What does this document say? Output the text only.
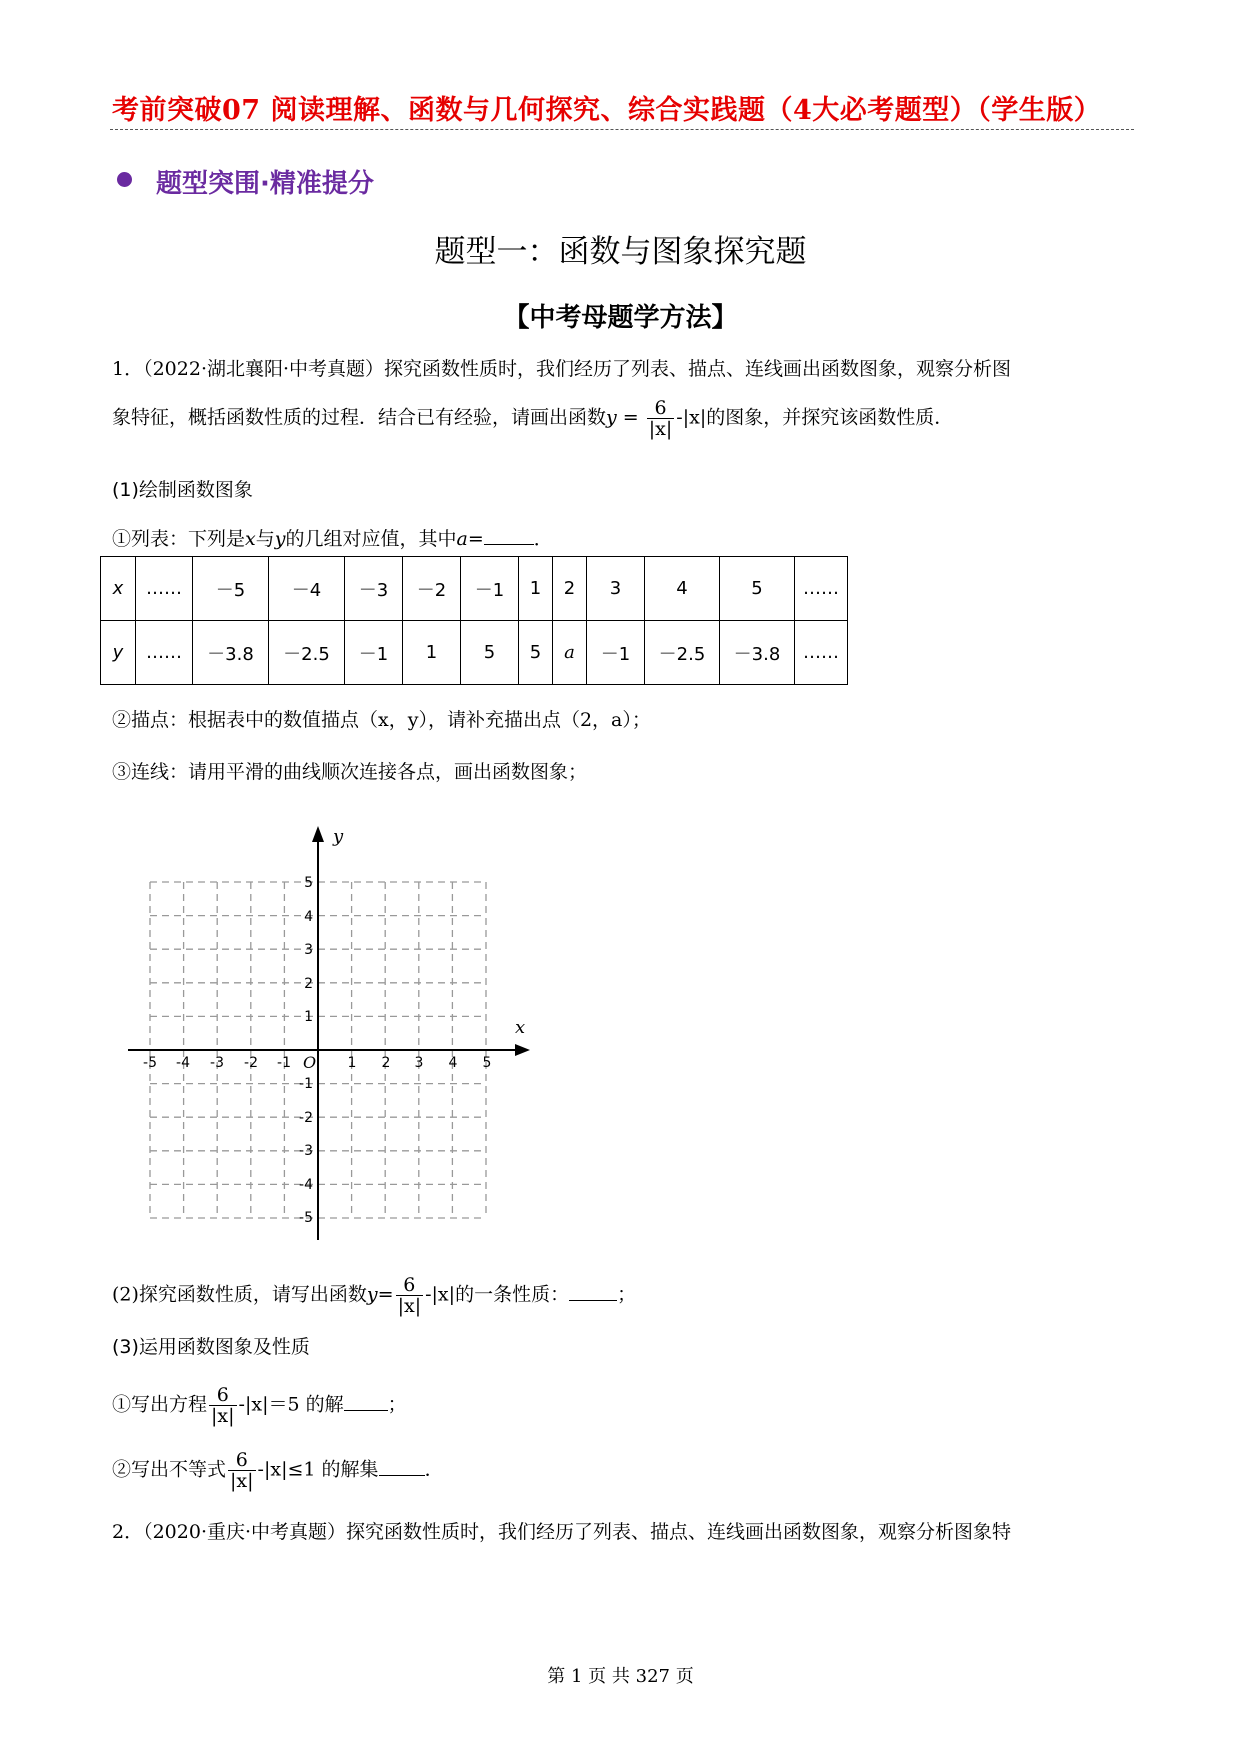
考前突破07 阅读理解、函数与几何探究、综合实践题（4大必考题型）（学生版）
题型突围·精准提分
题型一：函数与图象探究题
【中考母题学方法】
1．（2022·湖北襄阳·中考真题）探究函数性质时，我们经历了列表、描点、连线画出函数图象，观察分析图
象特征，概括函数性质的过程．结合已有经验，请画出函数$y = \frac{6}{|x|} -|x|$的图象，并探究该函数性质．
(1)绘制函数图象
①列表：下列是x与y的几组对应值，其中a=	．
x	……	－5	－4	－3	－2	－1	1	2	3	4	5	……
y	……	－3.8	－2.5	－1	1	5	5	a	－1	－2.5	－3.8	……
②描点：根据表中的数值描点（x，y），请补充描出点（2，a）；
③连线：请用平滑的曲线顺次连接各点，画出函数图象；
y
x
O
-5 -4 -3 -2 -1	1 2 3 4 5
5
4
3
2
1
-1
-2
-3
-4
-5
(2)探究函数性质，请写出函数$y= \frac{6}{|x|} -|x|$的一条性质：	；
(3)运用函数图象及性质
①写出方程 $\frac{6}{|x|} -|x|=5$ 的解 ；
②写出不等式 $\frac{6}{|x|} -|x|\le 1$ 的解集 ．
2．（2020·重庆·中考真题）探究函数性质时，我们经历了列表、描点、连线画出函数图象，观察分析图象特
第 1 页 共 327 页
